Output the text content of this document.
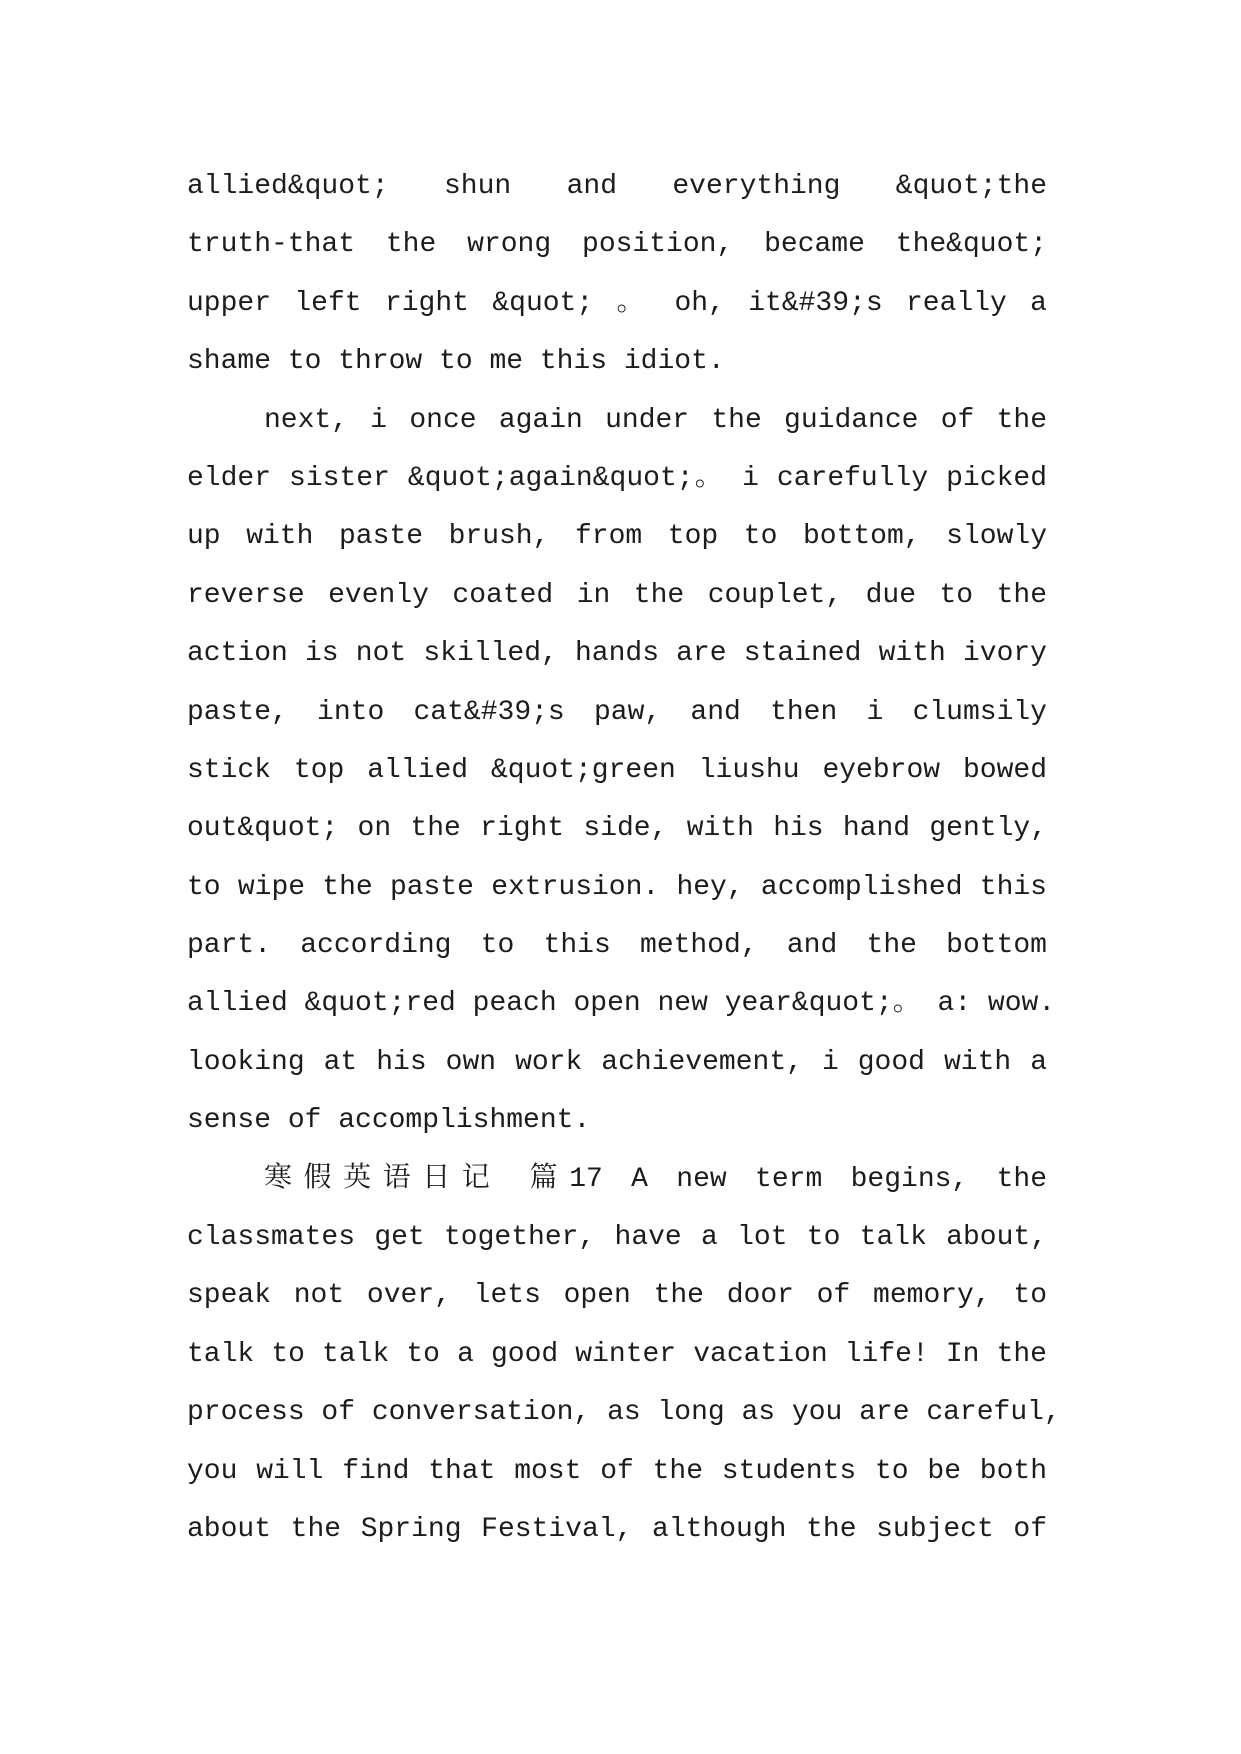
allied&quot; shun and everything &quot;the
truth-that the wrong position, became the&quot;
upper left right &quot; 。 oh, it&#39;s really a
shame to throw to me this idiot.
next, i once again under the guidance of the
elder sister &quot;again&quot;。 i carefully picked
up with paste brush, from top to bottom, slowly
reverse evenly coated in the couplet, due to the
action is not skilled, hands are stained with ivory
paste, into cat&#39;s paw, and then i clumsily
stick top allied &quot;green liushu eyebrow bowed
out&quot; on the right side, with his hand gently,
to wipe the paste extrusion. hey, accomplished this
part. according to this method, and the bottom
allied &quot;red peach open new year&quot;。 a: wow.
looking at his own work achievement, i good with a
sense of accomplishment.
寒假英语日记 篇17 A new term begins, the
classmates get together, have a lot to talk about,
speak not over, lets open the door of memory, to
talk to talk to a good winter vacation life! In the
process of conversation, as long as you are careful,
you will find that most of the students to be both
about the Spring Festival, although the subject of
